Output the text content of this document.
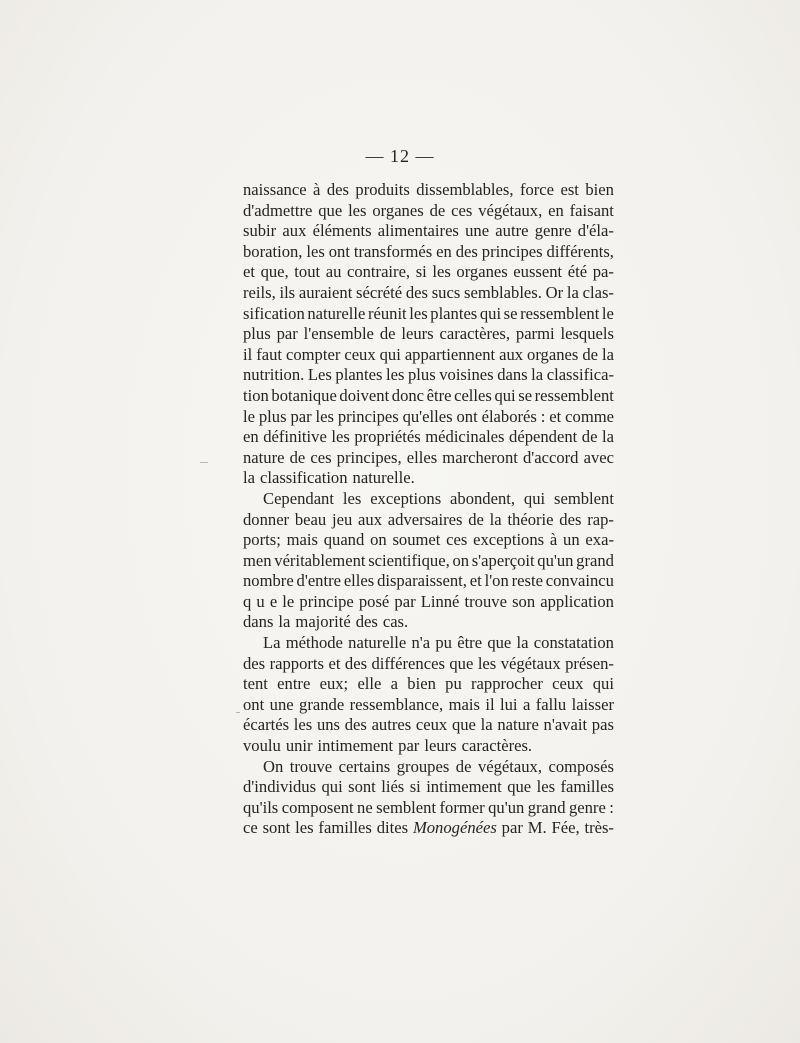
— 12 —
naissance à des produits dissemblables, force est bien
d'admettre que les organes de ces végétaux, en faisant
subir aux éléments alimentaires une autre genre d'éla-
boration, les ont transformés en des principes différents,
et que, tout au contraire, si les organes eussent été pa-
reils, ils auraient sécrété des sucs semblables. Or la clas-
sification naturelle réunit les plantes qui se ressemblent le
plus par l'ensemble de leurs caractères, parmi lesquels
il faut compter ceux qui appartiennent aux organes de la
nutrition. Les plantes les plus voisines dans la classifica-
tion botanique doivent donc être celles qui se ressemblent
le plus par les principes qu'elles ont élaborés : et comme
en définitive les propriétés médicinales dépendent de la
nature de ces principes, elles marcheront d'accord avec
la classification naturelle.
Cependant les exceptions abondent, qui semblent
donner beau jeu aux adversaires de la théorie des rap-
ports; mais quand on soumet ces exceptions à un exa-
men véritablement scientifique, on s'aperçoit qu'un grand
nombre d'entre elles disparaissent, et l'on reste convaincu
q u e le principe posé par Linné trouve son application
dans la majorité des cas.
La méthode naturelle n'a pu être que la constatation
des rapports et des différences que les végétaux présen-
tent entre eux; elle a bien pu rapprocher ceux qui
ont une grande ressemblance, mais il lui a fallu laisser
écartés les uns des autres ceux que la nature n'avait pas
voulu unir intimement par leurs caractères.
On trouve certains groupes de végétaux, composés
d'individus qui sont liés si intimement que les familles
qu'ils composent ne semblent former qu'un grand genre :
ce sont les familles dites Monogénées par M. Fée, très-
